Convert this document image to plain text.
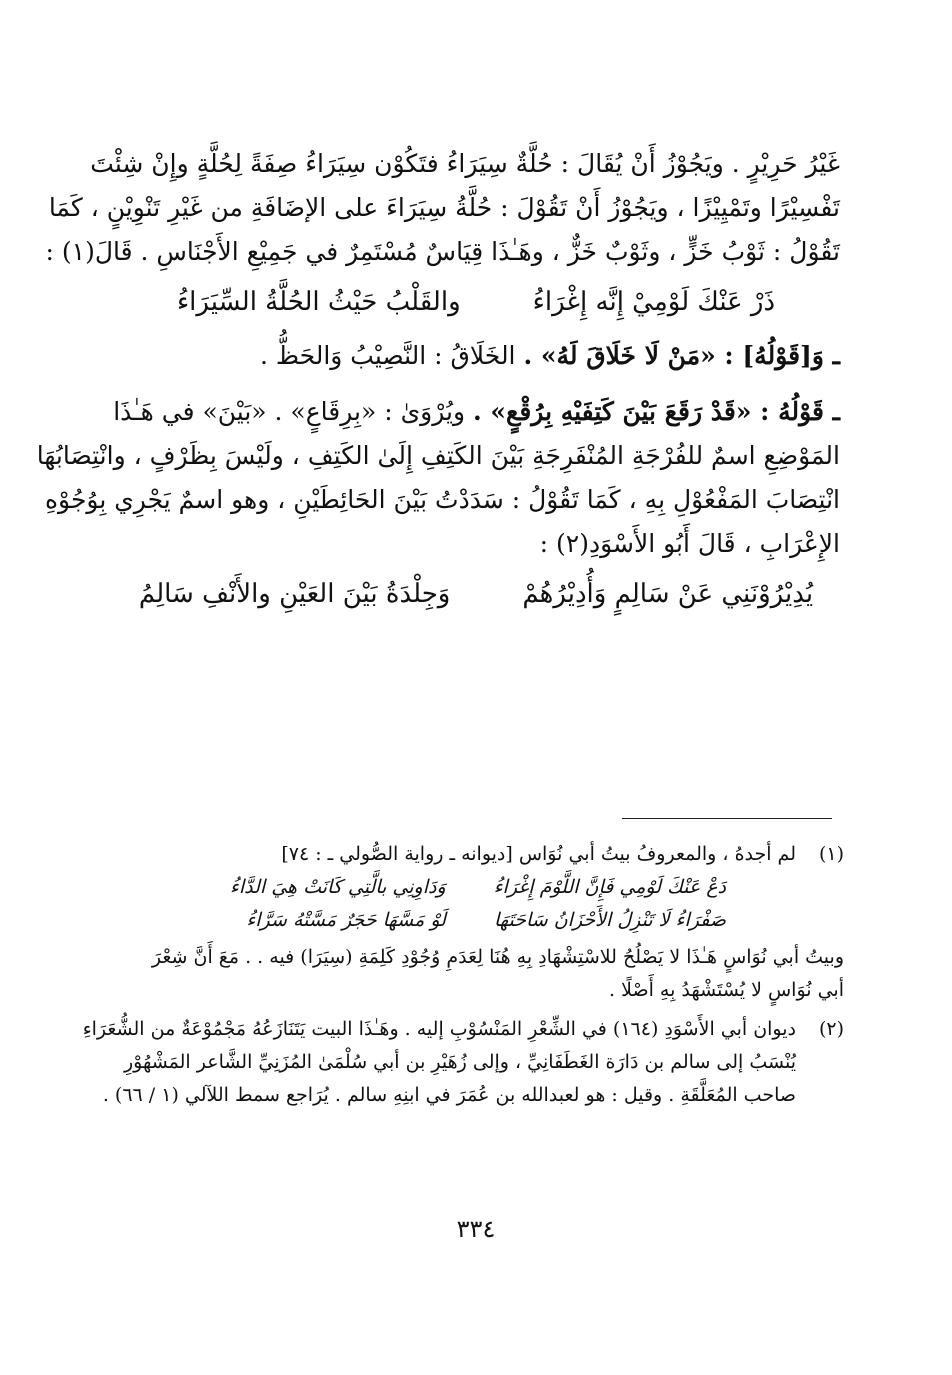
غَيْرُ حَرِيْرٍ . ويَجُوْزُ أَنْ يُقَالَ : حُلَّةٌ سِيَرَاءُ فتَكُوْن سِيَرَاءُ صِفَةً لِحُلَّةٍ وإِنْ شِئْتَ
تَفْسِيْرًا وتَمْيِيْزًا ، ويَجُوْزُ أَنْ تَقُوْلَ : حُلَّةُ سِيَرَاءَ على الإضَافَةِ من غَيْرِ تَنْوِيْنٍ ، كَمَا
تَقُوْلُ : ثَوْبُ خَزٍّ ، وثَوْبٌ خَزٌّ ، وهَـٰذَا قِيَاسٌ مُسْتَمِرٌ في جَمِيْعِ الأَجْنَاسِ . قَالَ(١) :
ذَرْ عَنْكَ لَوْمِيْ إِنَّه إِغْرَاءُ
والقَلْبُ حَيْثُ الحُلَّةُ السِّيَرَاءُ
ـ وَ[قَوْلُهُ] : «مَنْ لَا خَلَاقَ لَهُ» . الخَلَاقُ : النَّصِيْبُ وَالحَظُّ .
ـ قَوْلُهُ : «قَدْ رَقَعَ بَيْنَ كَتِفَيْهِ بِرُقْعٍ» . ويُرْوَىٰ : «بِرِقَاعٍ» . «بَيْنَ» في هَـٰذَا
المَوْضِعِ اسمٌ للفُرْجَةِ المُنْفَرِجَةِ بَيْنَ الكَتِفِ إِلَىٰ الكَتِفِ ، ولَيْسَ بِظَرْفٍ ، وانْتِصَابُهَا
انْتِصَابَ المَفْعُوْلِ بِهِ ، كَمَا تَقُوْلُ : سَدَدْتُ بَيْنَ الحَائِطَيْنِ ، وهو اسمٌ يَجْرِي بِوُجُوْهِ
الإِعْرَابِ ، قَالَ أَبُو الأَسْوَدِ(٢) :
يُدِيْرُوْنَنِي عَنْ سَالِمٍ وَأُدِيْرُهُمْ
وَجِلْدَةُ بَيْنَ العَيْنِ والأَنْفِ سَالِمُ
(١)
لم أجدهُ ، والمعروفُ بيتُ أبي نُوَاس [ديوانه ـ رواية الصُّولي ـ : ٧٤]
دَعْ عَنْكَ لَوْمِي فَإِنَّ اللَّوْمَ إِغْرَاءُ
وَدَاوِنِي بالَّتِي كَانَتْ هِيَ الدَّاءُ
صَفْرَاءُ لَا تَنْزِلُ الأَحْزَانُ سَاحَتَهَا
لَوْ مَسَّهَا حَجَرٌ مَسَّتْهُ سَرَّاءُ
وبيتُ أبي نُوَاسٍ هَـٰذَا لا يَصْلُحُ للاسْتِشْهَادِ بِهِ هُنَا لِعَدَمِ وُجُوْدِ كَلِمَةِ (سِيَرَا) فيه . . مَعَ أَنَّ شِعْرَ
أبي نُوَاسٍ لا يُسْتَشْهَدُ بِهِ أَصْلًا .
(٢)
ديوان أبي الأَسْوَدِ (١٦٤) في الشِّعْرِ المَنْسُوْبِ إليه . وهَـٰذَا البيت يَتَنَازَعُهُ مَجْمُوْعَةٌ من الشُّعَرَاءِ
يُنْسَبُ إلى سالم بن دَارَة الغَطَفَانِيِّ ، وإلى زُهَيْرِ بن أبي سُلْمَىٰ المُزَنِيِّ الشَّاعر المَشْهُوْرِ
صاحب المُعَلَّقَةِ . وقيل : هو لعبدالله بن عُمَرَ في ابنِهِ سالم . يُرَاجع سمط اللآلي (١ / ٦٦) .
٣٣٤
